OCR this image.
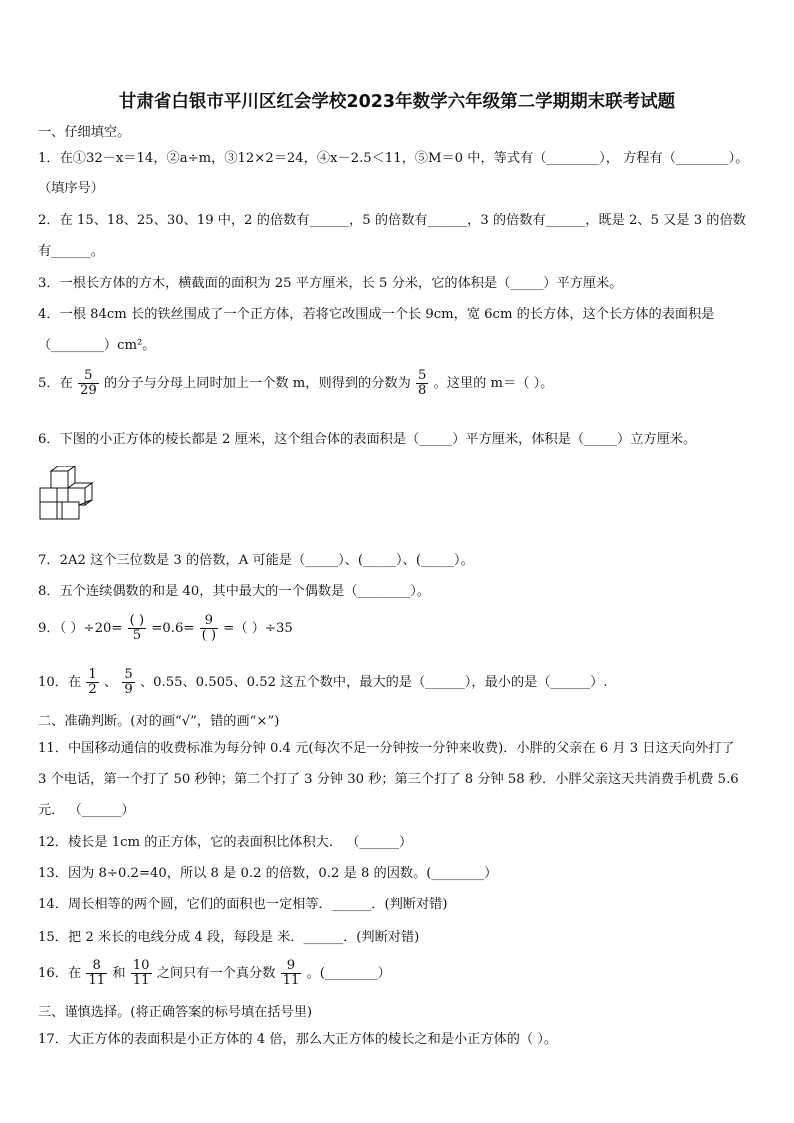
甘肃省白银市平川区红会学校2023年数学六年级第二学期期末联考试题
一、仔细填空。
1．在①32－x＝14，②a÷m，③12×2＝24，④x－2.5＜11，⑤M＝0 中，等式有（________）， 方程有（________）。
（填序号）
2．在 15、18、25、30、19 中，2 的倍数有______，5 的倍数有______，3 的倍数有______，既是 2、5 又是 3 的倍数
有______。
3．一根长方体的方木，横截面的面积为 25 平方厘米，长 5 分米，它的体积是（_____）平方厘米。
4．一根 84cm 长的铁丝围成了一个正方体，若将它改围成一个长 9cm，宽 6cm 的长方体，这个长方体的表面积是
（________）cm²。
5．在 $\frac{5}{29}$ 的分子与分母上同时加上一个数 m，则得到的分数为 $\frac{5}{8}$ 。这里的 m＝（ ）。
6．下图的小正方体的棱长都是 2 厘米，这个组合体的表面积是（_____）平方厘米，体积是（_____）立方厘米。
7．2A2 这个三位数是 3 的倍数，A 可能是（_____）、(_____）、(_____）。
8．五个连续偶数的和是 40，其中最大的一个偶数是（________）。
9．（ ）$\div 20= \frac{( )}{5} =0.6= \frac{9}{( )}$ =（ ）÷35
10．在 $\frac{1}{2}$ 、 $\frac{5}{9}$ 、0.55、0.505、0.52 这五个数中，最大的是（______），最小的是（______）.
二、准确判断。(对的画“√”，错的画“×”)
11．中国移动通信的收费标准为每分钟 0.4 元(每次不足一分钟按一分钟来收费)．小胖的父亲在 6 月 3 日这天向外打了
3 个电话，第一个打了 50 秒钟；第二个打了 3 分钟 30 秒；第三个打了 8 分钟 58 秒．小胖父亲这天共消费手机费 5.6
元． （______）
12．棱长是 1cm 的正方体，它的表面积比体积大． （______）
13．因为 8÷0.2=40，所以 8 是 0.2 的倍数，0.2 是 8 的因数。(________）
14．周长相等的两个圆，它们的面积也一定相等．______．(判断对错)
15．把 2 米长的电线分成 4 段，每段是 米．______．(判断对错)
16．在 $\frac{8}{11}$ 和 $\frac{10}{11}$ 之间只有一个真分数 $\frac{9}{11}$ 。(________）
三、谨慎选择。(将正确答案的标号填在括号里)
17．大正方体的表面积是小正方体的 4 倍，那么大正方体的棱长之和是小正方体的（ ）。
